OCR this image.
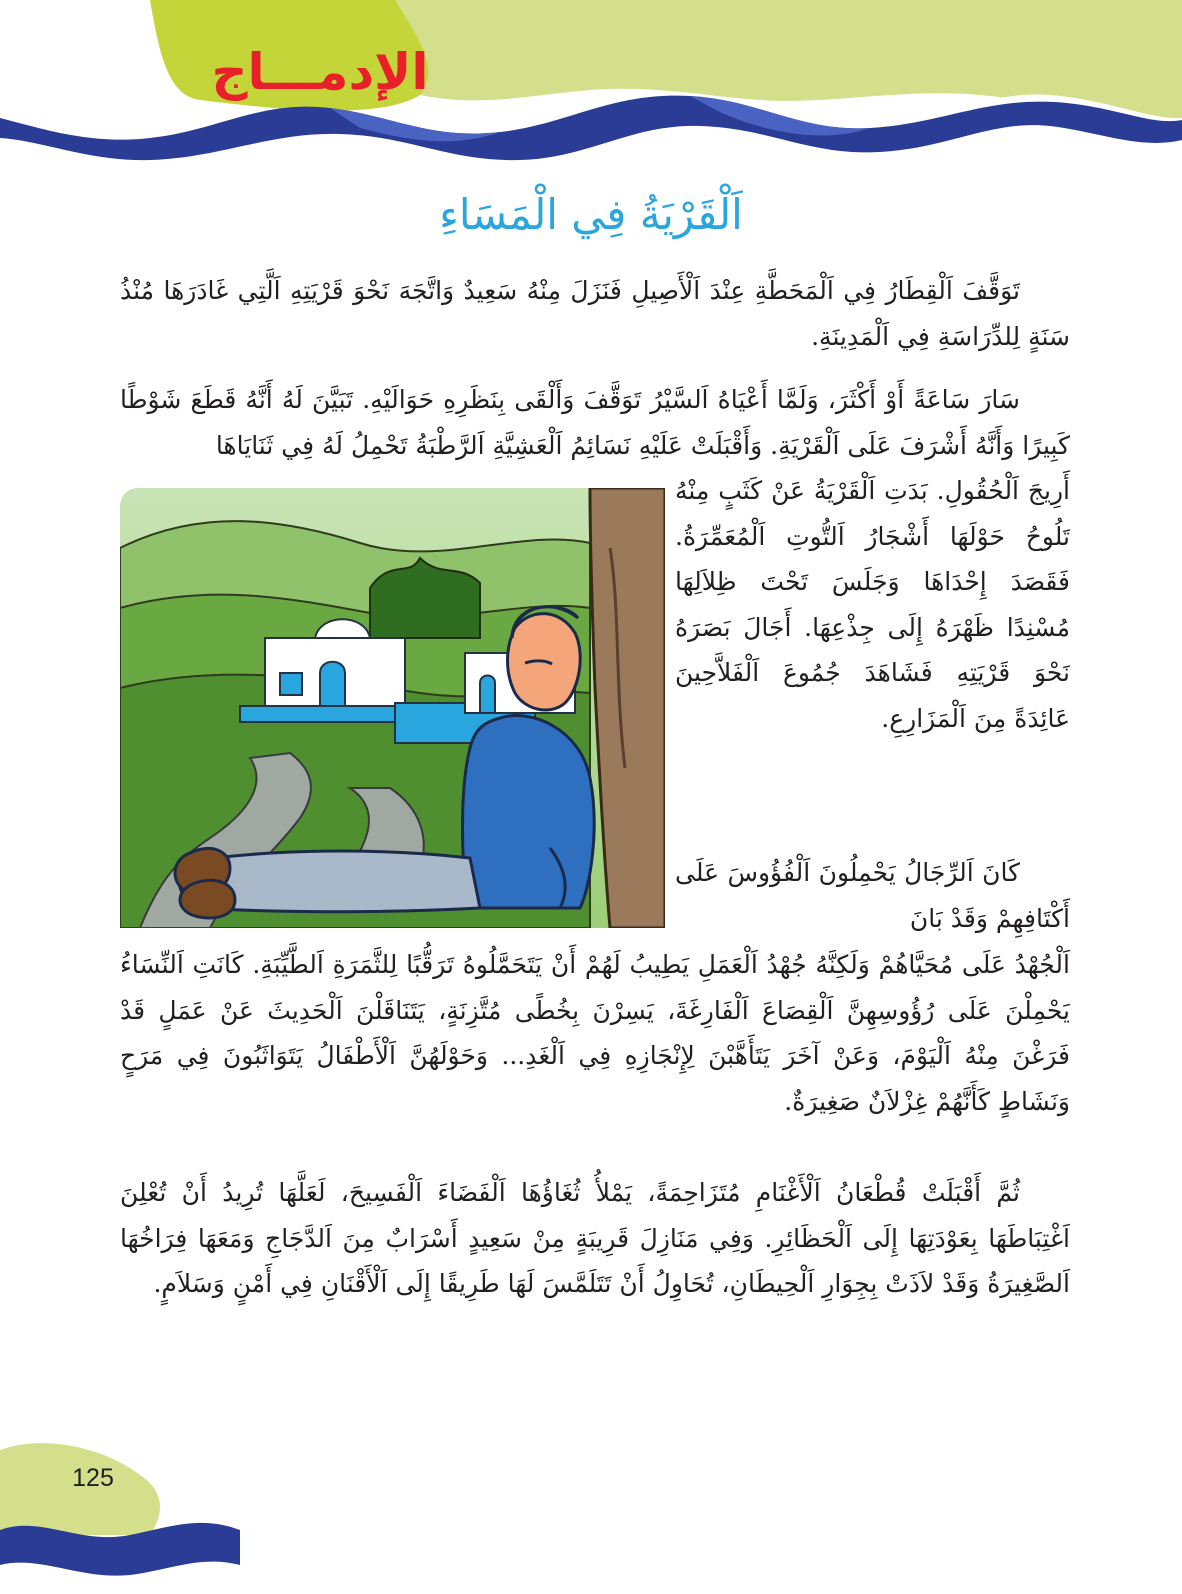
الإدمـــاج
اَلْقَرْيَةُ فِي الْمَسَاءِ

تَوَقَّفَ اَلْقِطَارُ فِي اَلْمَحَطَّةِ عِنْدَ اَلْأَصِيلِ فَنَزَلَ مِنْهُ سَعِيدٌ وَاتَّجَهَ نَحْوَ قَرْيَتِهِ اَلَّتِي غَادَرَهَا مُنْذُ سَنَةٍ لِلدِّرَاسَةِ فِي اَلْمَدِينَةِ.

سَارَ سَاعَةً أَوْ أَكْثَرَ، وَلَمَّا أَعْيَاهُ اَلسَّيْرُ تَوَقَّفَ وَأَلْقَى بِنَظَرِهِ حَوَالَيْهِ. تَبَيَّنَ لَهُ أَنَّهُ قَطَعَ شَوْطًا كَبِيرًا وَأَنَّهُ أَشْرَفَ عَلَى اَلْقَرْيَةِ. وَأَقْبَلَتْ عَلَيْهِ نَسَائِمُ اَلْعَشِيَّةِ اَلرَّطْبَةُ تَحْمِلُ لَهُ فِي ثَنَايَاهَا

أَرِيجَ اَلْحُقُولِ. بَدَتِ اَلْقَرْيَةُ عَنْ كَثَبٍ مِنْهُ تَلُوحُ حَوْلَهَا أَشْجَارُ اَلتُّوتِ اَلْمُعَمِّرَةُ. فَقَصَدَ إِحْدَاهَا وَجَلَسَ تَحْتَ ظِلاَلِهَا مُسْنِدًا ظَهْرَهُ إِلَى جِذْعِهَا. أَجَالَ بَصَرَهُ نَحْوَ قَرْيَتِهِ فَشَاهَدَ جُمُوعَ اَلْفَلاَّحِينَ عَائِدَةً مِنَ اَلْمَزَارِعِ.

كَانَ اَلرِّجَالُ يَحْمِلُونَ اَلْفُؤُوسَ عَلَى أَكْتَافِهِمْ وَقَدْ بَانَ

اَلْجُهْدُ عَلَى مُحَيَّاهُمْ وَلَكِنَّهُ جُهْدُ اَلْعَمَلِ يَطِيبُ لَهُمْ أَنْ يَتَحَمَّلُوهُ تَرَقُّبًا لِلثَّمَرَةِ اَلطَّيِّبَةِ. كَانَتِ اَلنِّسَاءُ يَحْمِلْنَ عَلَى رُؤُوسِهِنَّ اَلْقِصَاعَ اَلْفَارِغَةَ، يَسِرْنَ بِخُطًى مُتَّزِنَةٍ، يَتَنَاقَلْنَ اَلْحَدِيثَ عَنْ عَمَلٍ قَدْ فَرَغْنَ مِنْهُ اَلْيَوْمَ، وَعَنْ آخَرَ يَتَأَهَّبْنَ لِإِنْجَازِهِ فِي اَلْغَدِ... وَحَوْلَهُنَّ اَلْأَطْفَالُ يَتَوَاثَبُونَ فِي مَرَحٍ وَنَشَاطٍ كَأَنَّهُمْ غِزْلاَنٌ صَغِيرَةٌ.

ثُمَّ أَقْبَلَتْ قُطْعَانُ اَلْأَغْنَامِ مُتَزَاحِمَةً، يَمْلأُ ثُغَاؤُهَا اَلْفَضَاءَ اَلْفَسِيحَ، لَعَلَّهَا تُرِيدُ أَنْ تُعْلِنَ اَغْتِبَاطَهَا بِعَوْدَتِهَا إِلَى اَلْحَظَائِرِ. وَفِي مَنَازِلَ قَرِيبَةٍ مِنْ سَعِيدٍ أَسْرَابٌ مِنَ اَلدَّجَاجِ وَمَعَهَا فِرَاخُهَا اَلصَّغِيرَةُ وَقَدْ لاَذَتْ بِجِوَارِ اَلْحِيطَانِ، تُحَاوِلُ أَنْ تَتَلَمَّسَ لَهَا طَرِيقًا إِلَى اَلْأَقْنَانِ فِي أَمْنٍ وَسَلاَمٍ.

125
